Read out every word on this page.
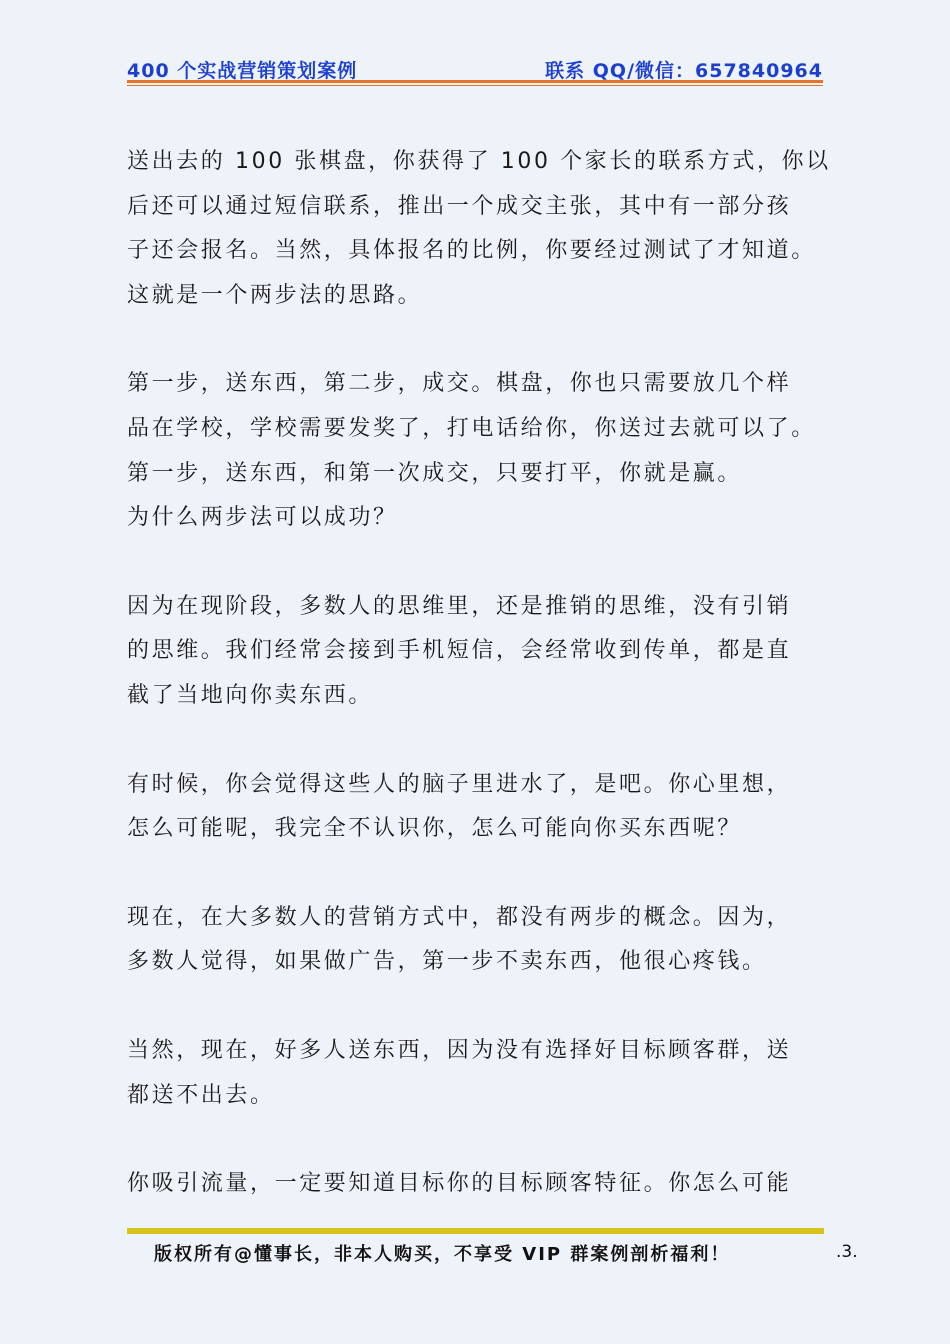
400 个实战营销策划案例	联系 QQ/微信：657840964

送出去的 100 张棋盘，你获得了 100 个家长的联系方式，你以
后还可以通过短信联系，推出一个成交主张，其中有一部分孩
子还会报名。当然，具体报名的比例，你要经过测试了才知道。
这就是一个两步法的思路。

第一步，送东西，第二步，成交。棋盘，你也只需要放几个样
品在学校，学校需要发奖了，打电话给你，你送过去就可以了。
第一步，送东西，和第一次成交，只要打平，你就是赢。
为什么两步法可以成功？

因为在现阶段，多数人的思维里，还是推销的思维，没有引销
的思维。我们经常会接到手机短信，会经常收到传单，都是直
截了当地向你卖东西。

有时候，你会觉得这些人的脑子里进水了，是吧。你心里想，
怎么可能呢，我完全不认识你，怎么可能向你买东西呢？

现在，在大多数人的营销方式中，都没有两步的概念。因为，
多数人觉得，如果做广告，第一步不卖东西，他很心疼钱。

当然，现在，好多人送东西，因为没有选择好目标顾客群，送
都送不出去。

你吸引流量，一定要知道目标你的目标顾客特征。你怎么可能

版权所有@懂事长，非本人购买，不享受 VIP 群案例剖析福利！	.3.
